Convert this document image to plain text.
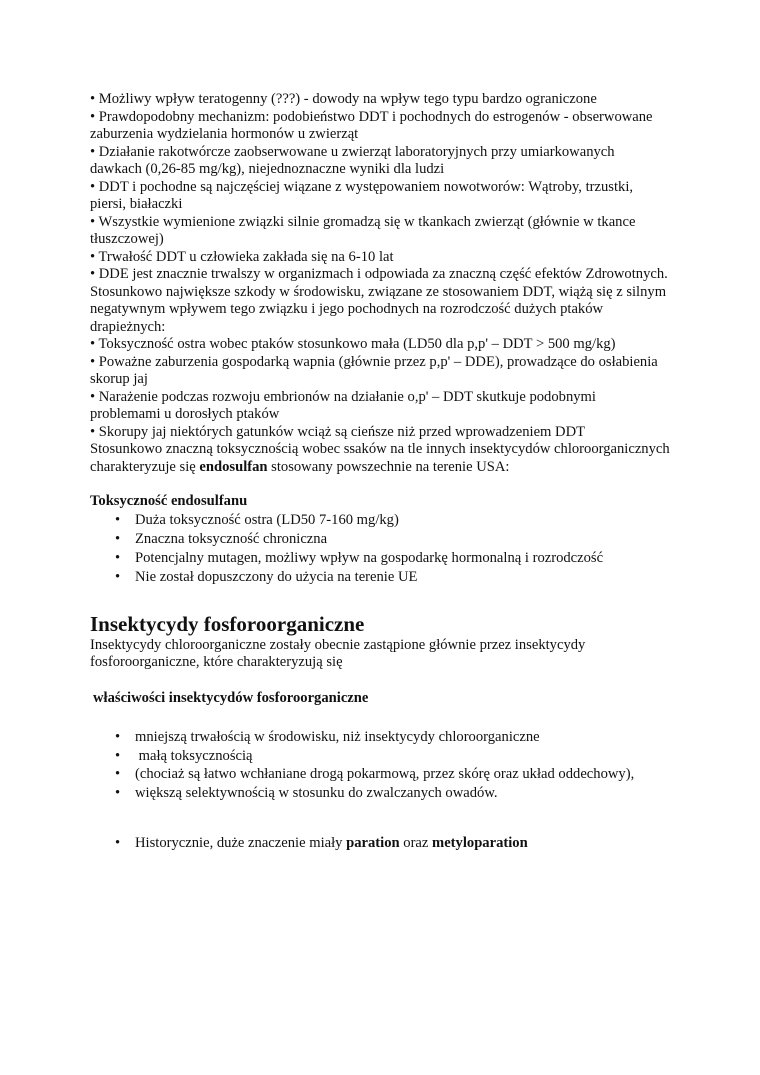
• Możliwy wpływ teratogenny (???) - dowody na wpływ tego typu bardzo ograniczone
• Prawdopodobny mechanizm: podobieństwo DDT i pochodnych do estrogenów - obserwowane zaburzenia wydzielania hormonów u zwierząt
• Działanie rakotwórcze zaobserwowane u zwierząt laboratoryjnych przy umiarkowanych dawkach (0,26-85 mg/kg), niejednoznaczne wyniki dla ludzi
• DDT i pochodne są najczęściej wiązane z występowaniem nowotworów: Wątroby, trzustki, piersi, białaczki
• Wszystkie wymienione związki silnie gromadzą się w tkankach zwierząt (głównie w tkance tłuszczowej)
• Trwałość DDT u człowieka zakłada się na 6-10 lat
• DDE jest znacznie trwalszy w organizmach i odpowiada za znaczną część efektów Zdrowotnych. Stosunkowo największe szkody w środowisku, związane ze stosowaniem DDT, wiążą się z silnym negatywnym wpływem tego związku i jego pochodnych na rozrodczość dużych ptaków drapieżnych:
• Toksyczność ostra wobec ptaków stosunkowo mała (LD50 dla p,p' – DDT > 500 mg/kg)
• Poważne zaburzenia gospodarką wapnia (głównie przez p,p' – DDE), prowadzące do osłabienia skorup jaj
• Narażenie podczas rozwoju embrionów na działanie o,p' – DDT skutkuje podobnymi problemami u dorosłych ptaków
• Skorupy jaj niektórych gatunków wciąż są cieńsze niż przed wprowadzeniem DDT
Stosunkowo znaczną toksycznością wobec ssaków na tle innych insektycydów chloroorganicznych charakteryzuje się endosulfan stosowany powszechnie na terenie USA:
Toksyczność endosulfanu
• Duża toksyczność ostra (LD50 7-160 mg/kg)
• Znaczna toksyczność chroniczna
• Potencjalny mutagen, możliwy wpływ na gospodarkę hormonalną i rozrodczość
• Nie został dopuszczony do użycia na terenie UE
Insektycydy fosforoorganiczne
Insektycydy chloroorganiczne zostały obecnie zastąpione głównie przez insektycydy fosforoorganiczne, które charakteryzują się
właściwości insektycydów fosforoorganiczne
• mniejszą trwałością w środowisku, niż insektycydy chloroorganiczne
• małą toksycznością
• (chociaż są łatwo wchłaniane drogą pokarmową, przez skórę oraz układ oddechowy),
• większą selektywnością w stosunku do zwalczanych owadów.
• Historycznie, duże znaczenie miały paration oraz metyloparation
